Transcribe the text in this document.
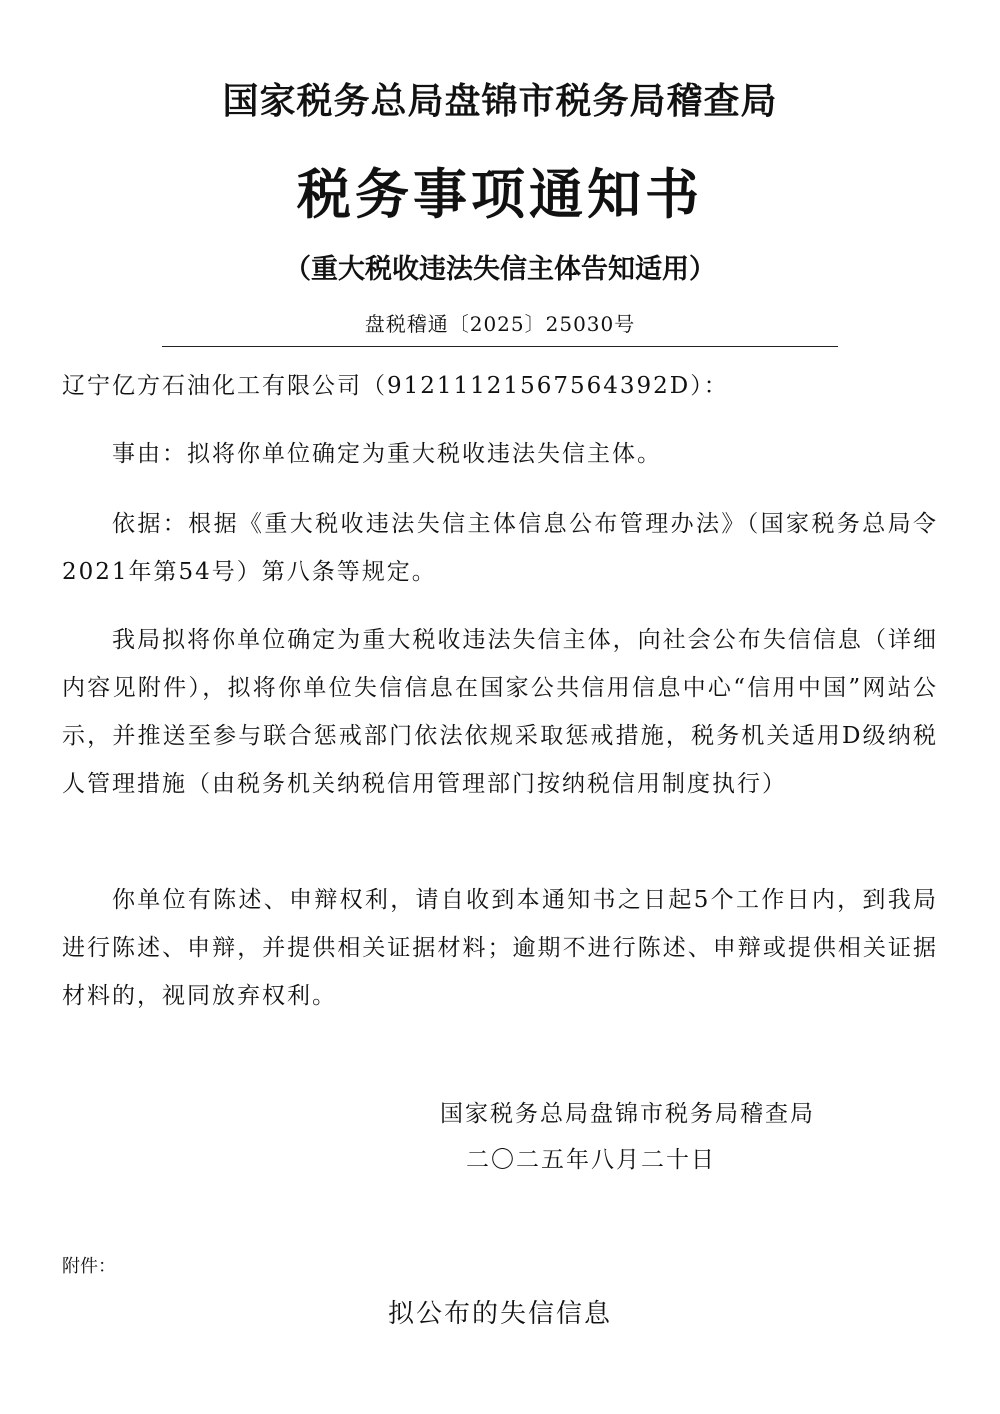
国家税务总局盘锦市税务局稽查局
税务事项通知书
（重大税收违法失信主体告知适用）
盘税稽通〔2025〕25030号

辽宁亿方石油化工有限公司（91211121567564392D）：

事由：拟将你单位确定为重大税收违法失信主体。

依据：根据《重大税收违法失信主体信息公布管理办法》（国家税务总局令2021年第54号）第八条等规定。

我局拟将你单位确定为重大税收违法失信主体，向社会公布失信信息（详细内容见附件），拟将你单位失信信息在国家公共信用信息中心“信用中国”网站公示，并推送至参与联合惩戒部门依法依规采取惩戒措施，税务机关适用D级纳税人管理措施（由税务机关纳税信用管理部门按纳税信用制度执行）

你单位有陈述、申辩权利，请自收到本通知书之日起5个工作日内，到我局进行陈述、申辩，并提供相关证据材料；逾期不进行陈述、申辩或提供相关证据材料的，视同放弃权利。

国家税务总局盘锦市税务局稽查局
二〇二五年八月二十日
附件：
拟公布的失信信息
